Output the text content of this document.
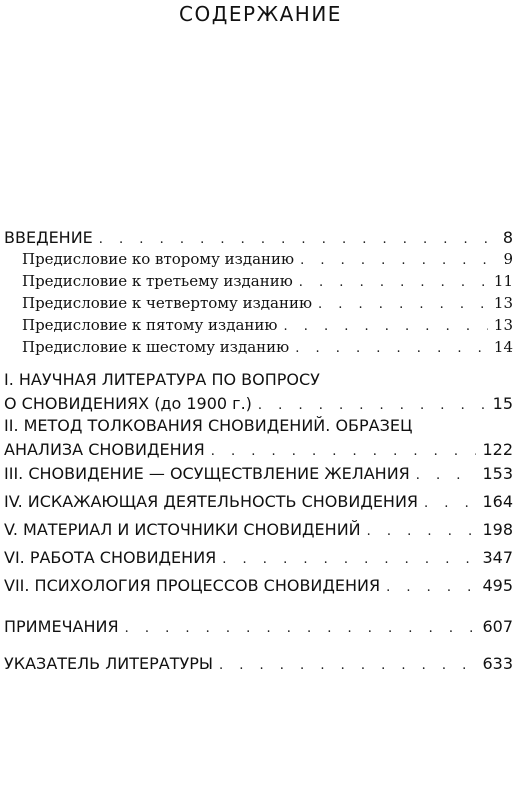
СОДЕРЖАНИЕ
ВВЕДЕНИЕ . . .	8
Предисловие ко второму изданию . . .	9
Предисловие к третьему изданию . . .	11
Предисловие к четвертому изданию . . .	13
Предисловие к пятому изданию . . .	13
Предисловие к шестому изданию . . .	14
I. НАУЧНАЯ ЛИТЕРАТУРА ПО ВОПРОСУ
О СНОВИДЕНИЯХ (до 1900 г.) . . .	15
II. МЕТОД ТОЛКОВАНИЯ СНОВИДЕНИЙ. ОБРАЗЕЦ
АНАЛИЗА СНОВИДЕНИЯ . . .	122
III. СНОВИДЕНИЕ — ОСУЩЕСТВЛЕНИЕ ЖЕЛАНИЯ . . .	153
IV. ИСКАЖАЮЩАЯ ДЕЯТЕЛЬНОСТЬ СНОВИДЕНИЯ . . .	164
V. МАТЕРИАЛ И ИСТОЧНИКИ СНОВИДЕНИЙ . . .	198
VI. РАБОТА СНОВИДЕНИЯ . . .	347
VII. ПСИХОЛОГИЯ ПРОЦЕССОВ СНОВИДЕНИЯ . . .	495
ПРИМЕЧАНИЯ . . .	607
УКАЗАТЕЛЬ ЛИТЕРАТУРЫ . . .	633
